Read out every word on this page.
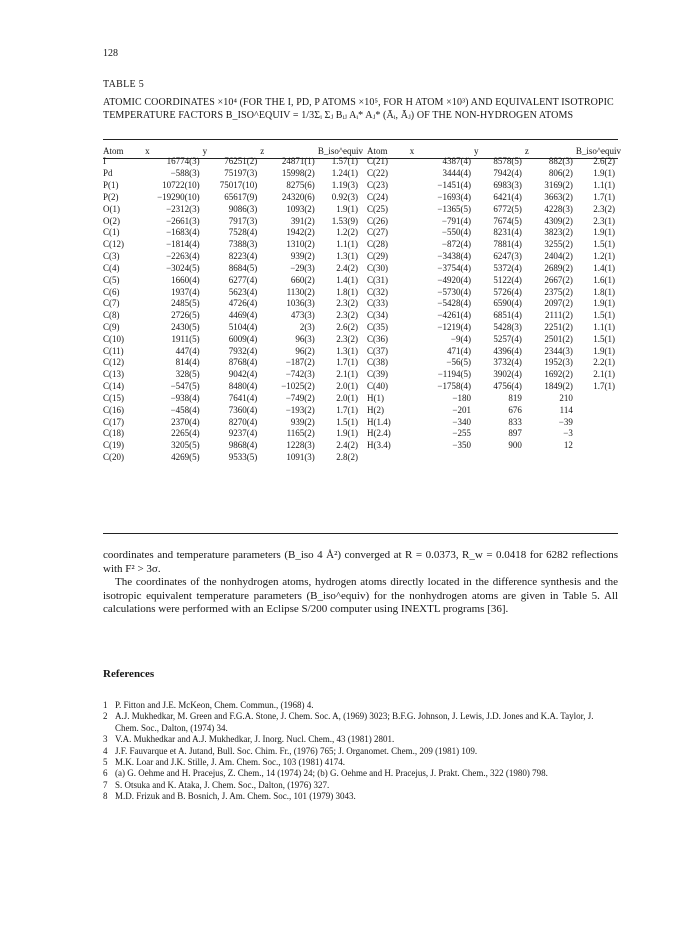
128
TABLE 5
ATOMIC COORDINATES ×10⁴ (FOR THE I, PD, P ATOMS ×10⁵, FOR H ATOM ×10³) AND EQUIVALENT ISOTROPIC TEMPERATURE FACTORS B_ISO^EQUIV = 1/3Σᵢ Σⱼ Bᵢⱼ Aᵢ* Aⱼ* (Āᵢ, Āⱼ) OF THE NON-HYDROGEN ATOMS
Atom	x	y	z	B_iso^equiv	Atom	x	y	z	B_iso^equiv
I	16774(3)	76251(2)	24871(1)	1.57(1)	C(21)	4387(4)	8578(5)	882(3)	2.6(2)
Pd	−588(3)	75197(3)	15998(2)	1.24(1)	C(22)	3444(4)	7942(4)	806(2)	1.9(1)
P(1)	10722(10)	75017(10)	8275(6)	1.19(3)	C(23)	−1451(4)	6983(3)	3169(2)	1.1(1)
P(2)	−19290(10)	65617(9)	24320(6)	0.92(3)	C(24)	−1693(4)	6421(4)	3663(2)	1.7(1)
O(1)	−2312(3)	9086(3)	1093(2)	1.9(1)	C(25)	−1365(5)	6772(5)	4228(3)	2.3(2)
O(2)	−2661(3)	7917(3)	391(2)	1.53(9)	C(26)	−791(4)	7674(5)	4309(2)	2.3(1)
C(1)	−1683(4)	7528(4)	1942(2)	1.2(2)	C(27)	−550(4)	8231(4)	3823(2)	1.9(1)
C(12)	−1814(4)	7388(3)	1310(2)	1.1(1)	C(28)	−872(4)	7881(4)	3255(2)	1.5(1)
C(3)	−2263(4)	8223(4)	939(2)	1.3(1)	C(29)	−3438(4)	6247(3)	2404(2)	1.2(1)
C(4)	−3024(5)	8684(5)	−29(3)	2.4(2)	C(30)	−3754(4)	5372(4)	2689(2)	1.4(1)
C(5)	1660(4)	6277(4)	660(2)	1.4(1)	C(31)	−4920(4)	5122(4)	2667(2)	1.6(1)
C(6)	1937(4)	5623(4)	1130(2)	1.8(1)	C(32)	−5730(4)	5726(4)	2375(2)	1.8(1)
C(7)	2485(5)	4726(4)	1036(3)	2.3(2)	C(33)	−5428(4)	6590(4)	2097(2)	1.9(1)
C(8)	2726(5)	4469(4)	473(3)	2.3(2)	C(34)	−4261(4)	6851(4)	2111(2)	1.5(1)
C(9)	2430(5)	5104(4)	2(3)	2.6(2)	C(35)	−1219(4)	5428(3)	2251(2)	1.1(1)
C(10)	1911(5)	6009(4)	96(3)	2.3(2)	C(36)	−9(4)	5257(4)	2501(2)	1.5(1)
C(11)	447(4)	7932(4)	96(2)	1.3(1)	C(37)	471(4)	4396(4)	2344(3)	1.9(1)
C(12)	814(4)	8768(4)	−187(2)	1.7(1)	C(38)	−56(5)	3732(4)	1952(3)	2.2(1)
C(13)	328(5)	9042(4)	−742(3)	2.1(1)	C(39)	−1194(5)	3902(4)	1692(2)	2.1(1)
C(14)	−547(5)	8480(4)	−1025(2)	2.0(1)	C(40)	−1758(4)	4756(4)	1849(2)	1.7(1)
C(15)	−938(4)	7641(4)	−749(2)	2.0(1)	H(1)	−180	819	210	
C(16)	−458(4)	7360(4)	−193(2)	1.7(1)	H(2)	−201	676	114	
C(17)	2370(4)	8270(4)	939(2)	1.5(1)	H(1.4)	−340	833	−39	
C(18)	2265(4)	9237(4)	1165(2)	1.9(1)	H(2.4)	−255	897	−3	
C(19)	3205(5)	9868(4)	1228(3)	2.4(2)	H(3.4)	−350	900	12	
C(20)	4269(5)	9533(5)	1091(3)	2.8(2)					

coordinates and temperature parameters (B_iso 4 Å²) converged at R = 0.0373, R_w = 0.0418 for 6282 reflections with F² > 3σ.

The coordinates of the nonhydrogen atoms, hydrogen atoms directly located in the difference synthesis and the isotropic equivalent temperature parameters (B_iso^equiv) for the nonhydrogen atoms are given in Table 5. All calculations were performed with an Eclipse S/200 computer using INEXTL programs [36].

References
1 P. Fitton and J.E. McKeon, Chem. Commun., (1968) 4.
2 A.J. Mukhedkar, M. Green and F.G.A. Stone, J. Chem. Soc. A, (1969) 3023; B.F.G. Johnson, J. Lewis, J.D. Jones and K.A. Taylor, J. Chem. Soc., Dalton, (1974) 34.
3 V.A. Mukhedkar and A.J. Mukhedkar, J. Inorg. Nucl. Chem., 43 (1981) 2801.
4 J.F. Fauvarque et A. Jutand, Bull. Soc. Chim. Fr., (1976) 765; J. Organomet. Chem., 209 (1981) 109.
5 M.K. Loar and J.K. Stille, J. Am. Chem. Soc., 103 (1981) 4174.
6 (a) G. Oehme and H. Pracejus, Z. Chem., 14 (1974) 24; (b) G. Oehme and H. Pracejus, J. Prakt. Chem., 322 (1980) 798.
7 S. Otsuka and K. Ataka, J. Chem. Soc., Dalton, (1976) 327.
8 M.D. Frizuk and B. Bosnich, J. Am. Chem. Soc., 101 (1979) 3043.
